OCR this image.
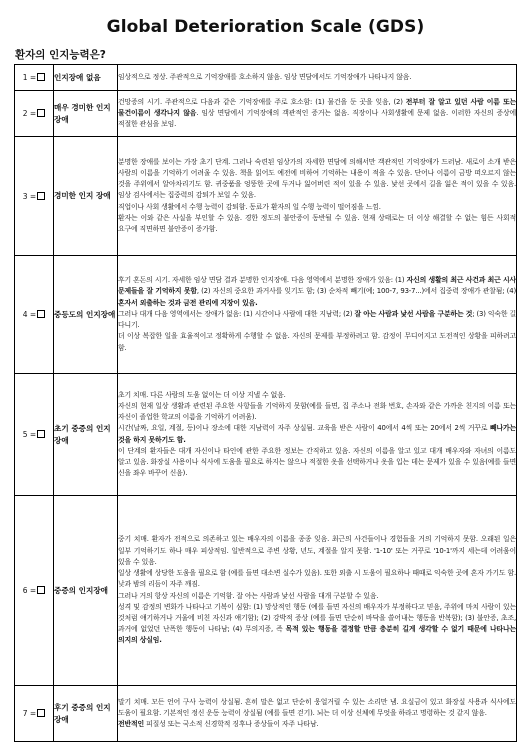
Global Deterioration Scale (GDS)
환자의 인지능력은?
1 =	인지장애 없음	임상적으로 정상. 주관적으로 기억장애를 호소하지 않음. 임상 면담에서도 기억장애가 나타나지 않음.

2 =	매우 경미한 인지 장애	건망증의 시기. 주관적으로 다음과 같은 기억장애를 주로 호소함: (1) 물건을 둔 곳을 잊음, (2) 전부터 잘 알고 있던 사람 이름 또는 물건이름이 생각나지 않음. 임상 면담에서 기억장애의 객관적인 증거는 없음. 직장이나 사회생활에 문제 없음. 이러한 자신의 증상에 적절한 관심을 보임.

3 =	경미한 인지 장애	분명한 장애를 보이는 가장 초기 단계. 그러나 숙련된 임상가의 자세한 면담에 의해서만 객관적인 기억장애가 드러남. 새로이 소개 받은 사람의 이름을 기억하기 어려울 수 있음. 책을 읽어도 예전에 비하여 기억하는 내용이 적을 수 있음. 단어나 이름이 금방 떠오르지 않는 것을 주위에서 알아차리기도 함. 귀중품을 엉뚱한 곳에 두거나 잃어버린 적이 있을 수 있음. 낯선 곳에서 길을 잃은 적이 있을 수 있음. 임상 검사에서는 집중력의 감퇴가 보일 수 있음.
직업이나 사회 생활에서 수행 능력이 감퇴함. 동료가 환자의 일 수행 능력이 떨어짐을 느낌.
환자는 이와 같은 사실을 부인할 수 있음. 경한 정도의 불안증이 동반될 수 있음. 현재 상태로는 더 이상 해결할 수 없는 힘든 사회적 요구에 직면하면 불안증이 증가함.

4 =	중등도의 인지장애	후기 혼돈의 시기. 자세한 임상 면담 결과 분명한 인지장애. 다음 영역에서 분명한 장애가 있음: (1) 자신의 생활의 최근 사건과 최근 시사 문제들을 잘 기억하지 못함, (2) 자신의 중요한 과거사를 잊기도 함; (3) 순차적 빼기(예; 100-7, 93-7...)에서 집중력 장애가 관찰됨; (4) 혼자서 외출하는 것과 금전 관리에 지장이 있음.
그러나 대개 다음 영역에서는 장애가 없음: (1) 시간이나 사람에 대한 지남력; (2) 잘 아는 사람과 낯선 사람을 구분하는 것; (3) 익숙한 길 다니기.
더 이상 복잡한 일을 효율적이고 정확하게 수행할 수 없음. 자신의 문제를 부정하려고 함. 감정이 무디어지고 도전적인 상황을 피하려고 함.

5 =	초기 중증의 인지장애	초기 치매. 다른 사람의 도움 없이는 더 이상 지낼 수 없음.
자신의 현재 일상 생활과 관련된 주요한 사항들을 기억하지 못함(예를 들면, 집 주소나 전화 번호, 손자와 같은 가까운 친지의 이름 또는 자신이 졸업한 학교의 이름을 기억하기 어려움).
시간(날짜, 요일, 계절, 등)이나 장소에 대한 지남력이 자주 상실됨. 교육을 받은 사람이 40에서 4씩 또는 20에서 2씩 거꾸로 빼나가는 것을 하지 못하기도 함.
이 단계의 환자들은 대개 자신이나 타인에 관한 주요한 정보는 간직하고 있음. 자신의 이름을 알고 있고 대개 배우자와 자녀의 이름도 알고 있음. 화장실 사용이나 식사에 도움을 필요로 하지는 않으나 적절한 옷을 선택하거나 옷을 입는 데는 문제가 있을 수 있음(예를 들면 신을 좌우 바꾸어 신음).

6 =	중증의 인지장애	중기 치매. 환자가 전적으로 의존하고 있는 배우자의 이름을 종종 잊음. 최근의 사건들이나 경험들을 거의 기억하지 못함. 오래된 일은 일부 기억하기도 하나 매우 피상적임. 일반적으로 주변 상황, 년도, 계절을 알지 못함. '1-10' 또는 거꾸로 '10-1'까지 세는데 어려움이 있을 수 있음.
일상 생활에 상당한 도움을 필요로 함 (예를 들면 대소변 실수가 있음). 또한 외출 시 도움이 필요하나 때때로 익숙한 곳에 혼자 가기도 함. 낮과 밤의 리듬이 자주 깨짐.
그러나 거의 항상 자신의 이름은 기억함. 잘 아는 사람과 낯선 사람을 대개 구분할 수 있음.
성격 및 감정의 변화가 나타나고 기복이 심함: (1) 망상적인 행동 (예를 들면 자신의 배우자가 부정하다고 믿음, 주위에 마치 사람이 있는 것처럼 얘기하거나 거울에 비친 자신과 얘기함); (2) 강박적 증상 (예를 들면 단순히 바닥을 쓸어내는 행동을 반복함); (3) 불안증, 초조, 과거에 없었던 난폭한 행동이 나타남; (4) 무의지증, 즉 목적 있는 행동을 결정할 만큼 충분히 길게 생각할 수 없기 때문에 나타나는 의지의 상실임.

7 =	후기 중증의 인지장애	말기 치매. 모든 언어 구사 능력이 상실됨. 흔히 말은 없고 단순히 웅얼거릴 수 있는 소리만 냄. 요실금이 있고 화장실 사용과 식사에도 도움이 필요함. 기본적인 정신 운동 능력이 상실됨 (예를 들면 걷기). 뇌는 더 이상 신체에 무엇을 하라고 명령하는 것 같지 않음.
전반적인 피질성 또는 국소적 신경학적 징후나 증상들이 자주 나타남.
